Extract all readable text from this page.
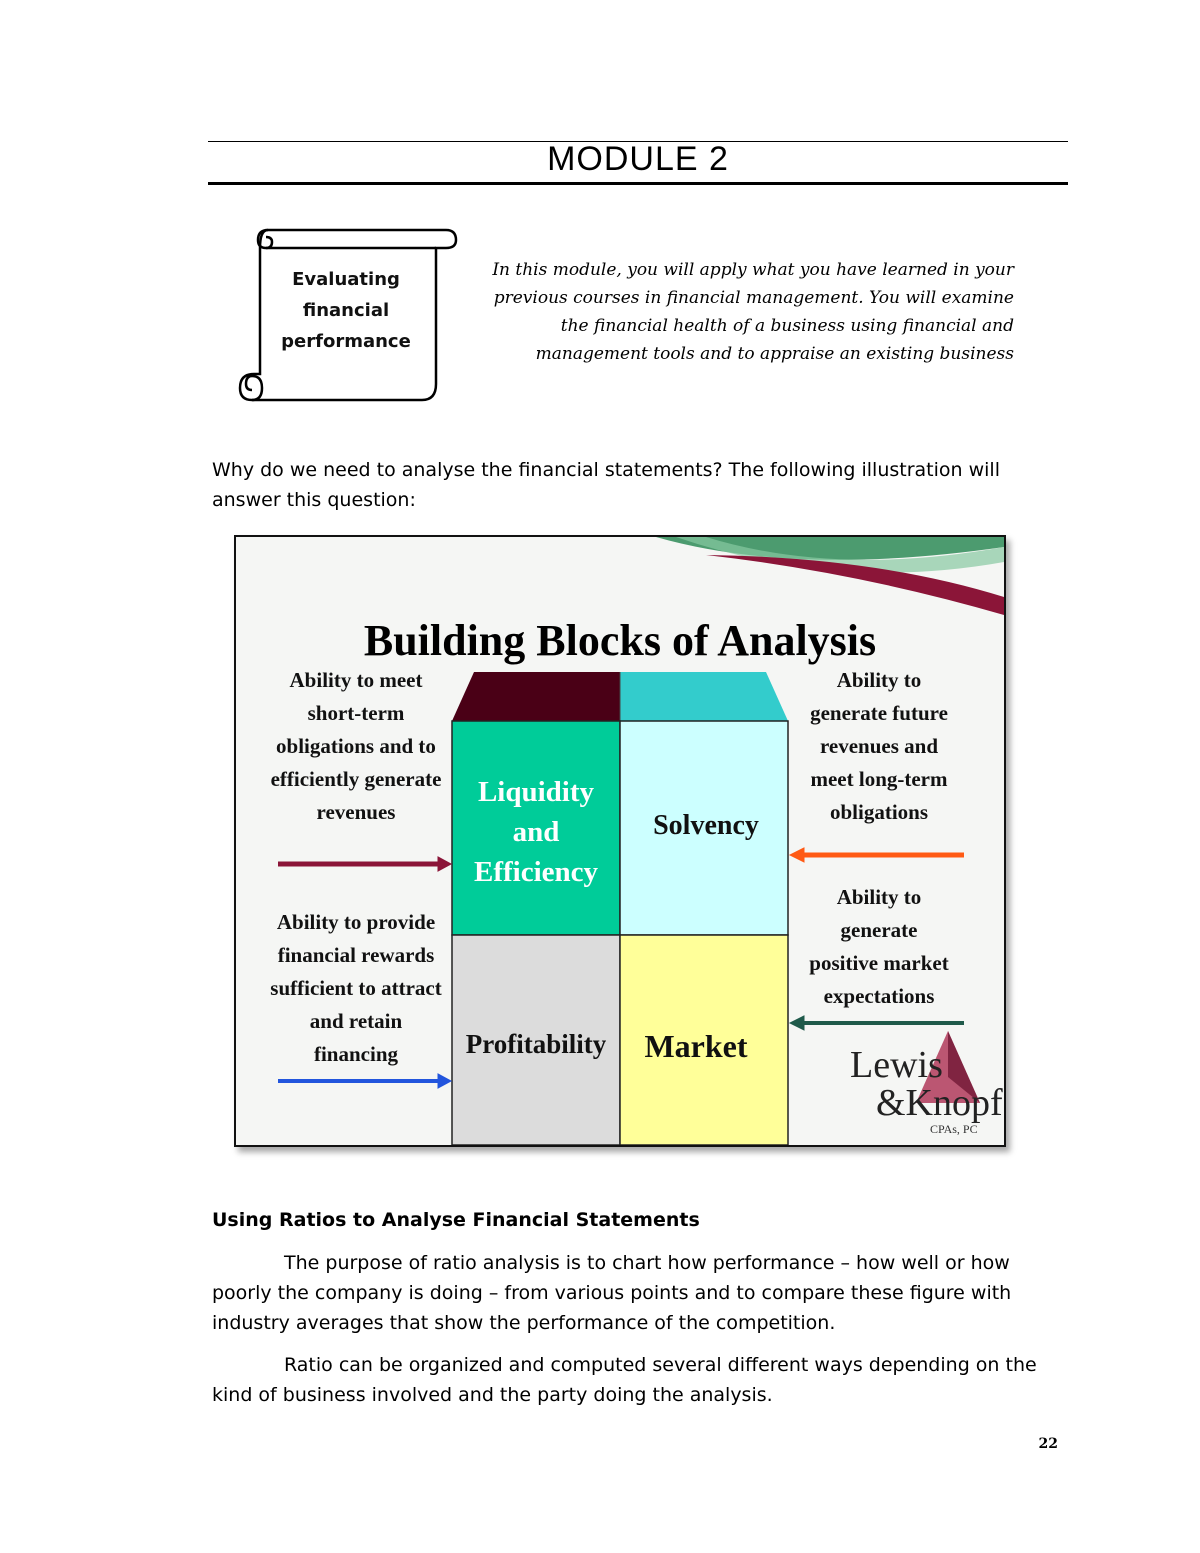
MODULE 2
Evaluating financial performance
In this module, you will apply what you have learned in your previous courses in financial management. You will examine the financial health of a business using financial and management tools and to appraise an existing business
Why do we need to analyse the financial statements? The following illustration will answer this question:
Building Blocks of Analysis
Liquidity
and
Efficiency
Solvency
Profitability Market
Ability to meet
short-term
obligations and to
efficiently generate
revenues
Ability to provide
financial rewards
sufficient to attract
and retain
financing
Ability to
generate future
revenues and
meet long-term
obligations
Ability to
generate
positive market
expectations
Lewis
&Knopf
CPAs, PC
Using Ratios to Analyse Financial Statements
The purpose of ratio analysis is to chart how performance – how well or how poorly the company is doing – from various points and to compare these figure with industry averages that show the performance of the competition.
Ratio can be organized and computed several different ways depending on the kind of business involved and the party doing the analysis.
22
